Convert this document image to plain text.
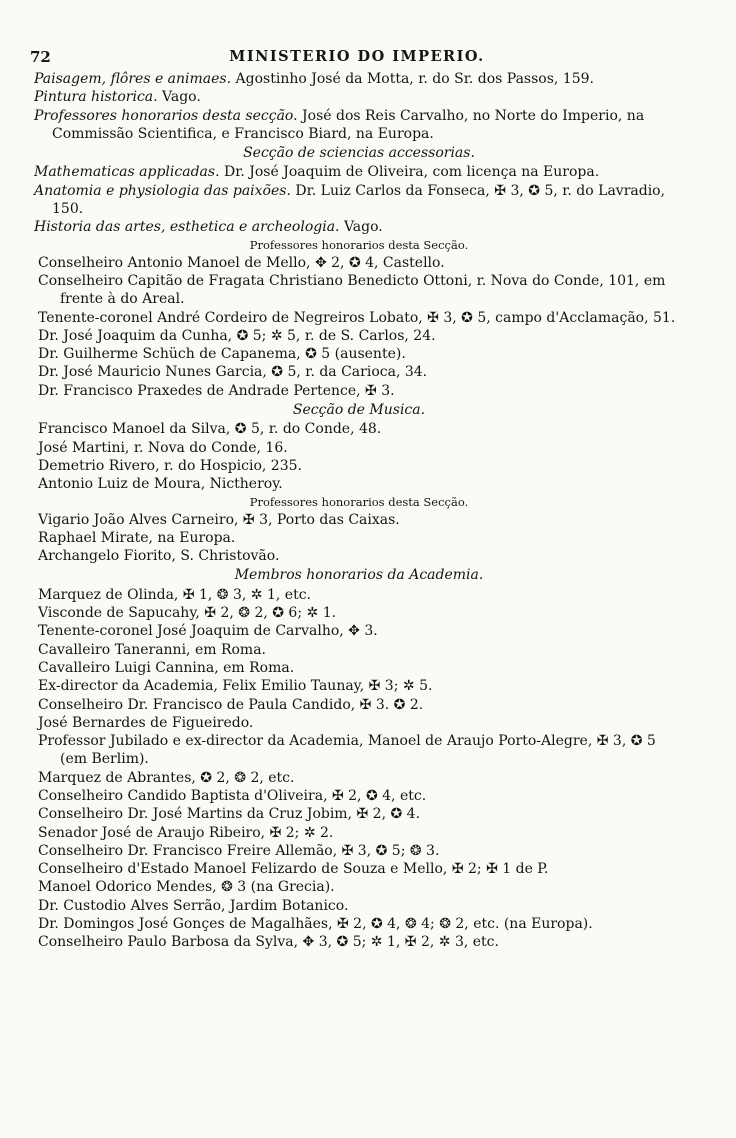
72	MINISTERIO DO IMPERIO.
Paisagem, flôres e animaes. Agostinho José da Motta, r. do Sr. dos Passos, 159.
Pintura historica. Vago.
Professores honorarios desta secção. José dos Reis Carvalho, no Norte do Imperio, na Commissão Scientifica, e Francisco Biard, na Europa.
Secção de sciencias accessorias.
Mathematicas applicadas. Dr. José Joaquim de Oliveira, com licença na Europa.
Anatomia e physiologia das paixões. Dr. Luiz Carlos da Fonseca, ✠ 3, ✪ 5, r. do Lavradio, 150.
Historia das artes, esthetica e archeologia. Vago.
Professores honorarios desta Secção.
Conselheiro Antonio Manoel de Mello, ✥ 2, ✪ 4, Castello.
Conselheiro Capitão de Fragata Christiano Benedicto Ottoni, r. Nova do Conde, 101, em frente à do Areal.
Tenente-coronel André Cordeiro de Negreiros Lobato, ✠ 3, ✪ 5, campo d'Acclamação, 51.
Dr. José Joaquim da Cunha, ✪ 5; ✲ 5, r. de S. Carlos, 24.
Dr. Guilherme Schüch de Capanema, ✪ 5 (ausente).
Dr. José Mauricio Nunes Garcia, ✪ 5, r. da Carioca, 34.
Dr. Francisco Praxedes de Andrade Pertence, ✠ 3.
Secção de Musica.
Francisco Manoel da Silva, ✪ 5, r. do Conde, 48.
José Martini, r. Nova do Conde, 16.
Demetrio Rivero, r. do Hospicio, 235.
Antonio Luiz de Moura, Nictheroy.
Professores honorarios desta Secção.
Vigario João Alves Carneiro, ✠ 3, Porto das Caixas.
Raphael Mirate, na Europa.
Archangelo Fiorito, S. Christovão.
Membros honorarios da Academia.
Marquez de Olinda, ✠ 1, ❂ 3, ✲ 1, etc.
Visconde de Sapucahy, ✠ 2, ❂ 2, ✪ 6; ✲ 1.
Tenente-coronel José Joaquim de Carvalho, ✥ 3.
Cavalleiro Taneranni, em Roma.
Cavalleiro Luigi Cannina, em Roma.
Ex-director da Academia, Felix Emilio Taunay, ✠ 3; ✲ 5.
Conselheiro Dr. Francisco de Paula Candido, ✠ 3. ✪ 2.
José Bernardes de Figueiredo.
Professor Jubilado e ex-director da Academia, Manoel de Araujo Porto-Alegre, ✠ 3, ✪ 5 (em Berlim).
Marquez de Abrantes, ✪ 2, ❂ 2, etc.
Conselheiro Candido Baptista d'Oliveira, ✠ 2, ✪ 4, etc.
Conselheiro Dr. José Martins da Cruz Jobim, ✠ 2, ✪ 4.
Senador José de Araujo Ribeiro, ✠ 2; ✲ 2.
Conselheiro Dr. Francisco Freire Allemão, ✠ 3, ✪ 5; ❂ 3.
Conselheiro d'Estado Manoel Felizardo de Souza e Mello, ✠ 2; ✠ 1 de P.
Manoel Odorico Mendes, ❂ 3 (na Grecia).
Dr. Custodio Alves Serrão, Jardim Botanico.
Dr. Domingos José Gonçes de Magalhães, ✠ 2, ✪ 4, ❂ 4; ❂ 2, etc. (na Europa).
Conselheiro Paulo Barbosa da Sylva, ✥ 3, ✪ 5; ✲ 1, ✠ 2, ✲ 3, etc.
